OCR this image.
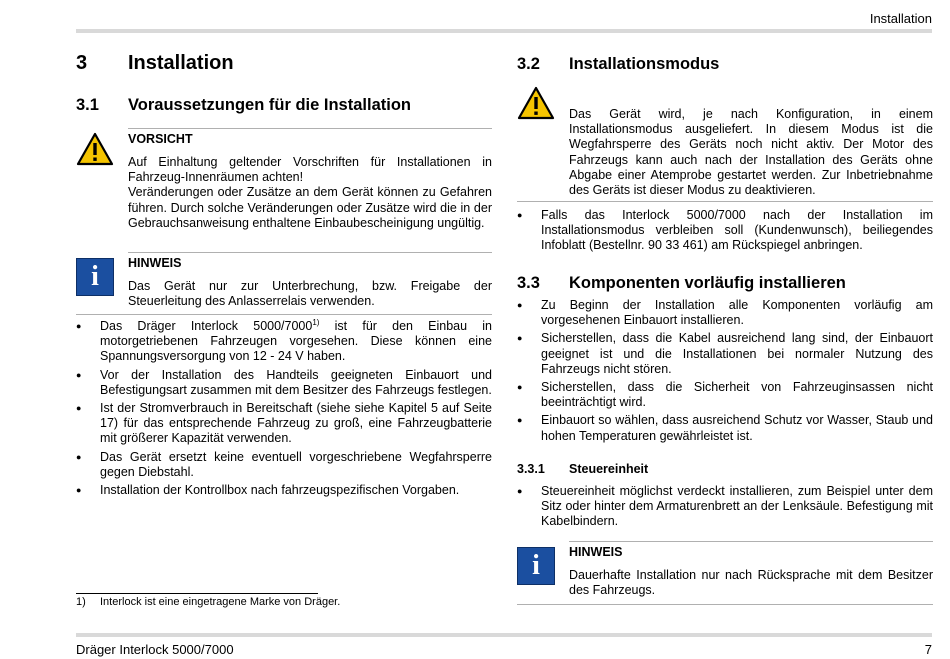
Installation
Dräger Interlock 5000/7000	7
3 Installation
3.1 Voraussetzungen für die Installation
VORSICHT

Auf Einhaltung geltender Vorschriften für Installationen in Fahrzeug-Innenräumen achten!

Veränderungen oder Zusätze an dem Gerät können zu Gefahren führen. Durch solche Veränderungen oder Zusätze wird die in der Gebrauchsanweisung enthaltene Einbaubescheinigung ungültig.

i	HINWEIS

Das Gerät nur zur Unterbrechung, bzw. Freigabe der Steuerleitung des Anlasserrelais verwenden.

● Das Dräger Interlock 5000/7000$^{1)}$ ist für den Einbau in motorgetriebenen Fahrzeugen vorgesehen. Diese können eine Spannungsversorgung von 12 - 24 V haben.
● Vor der Installation des Handteils geeigneten Einbauort und Befestigungsart zusammen mit dem Besitzer des Fahrzeugs festlegen.
● Ist der Stromverbrauch in Bereitschaft (siehe siehe Kapitel 5 auf Seite 17) für das entsprechende Fahrzeug zu groß, eine Fahrzeugbatterie mit größerer Kapazität verwenden.
● Das Gerät ersetzt keine eventuell vorgeschriebene Wegfahrsperre gegen Diebstahl.
● Installation der Kontrollbox nach fahrzeugspezifischen Vorgaben.
1) Interlock ist eine eingetragene Marke von Dräger.
3.2 Installationsmodus

Das Gerät wird, je nach Konfiguration, in einem Installationsmodus ausgeliefert. In diesem Modus ist die Wegfahrsperre des Geräts noch nicht aktiv. Der Motor des Fahrzeugs kann auch nach der Installation des Geräts ohne Abgabe einer Atemprobe gestartet werden. Zur Inbetriebnahme des Geräts ist dieser Modus zu deaktivieren.

● Falls das Interlock 5000/7000 nach der Installation im Installationsmodus verbleiben soll (Kundenwunsch), beiliegendes Infoblatt (Bestellnr. 90 33 461) am Rückspiegel anbringen.
3.3 Komponenten vorläufig installieren
● Zu Beginn der Installation alle Komponenten vorläufig am vorgesehenen Einbauort installieren.
● Sicherstellen, dass die Kabel ausreichend lang sind, der Einbauort geeignet ist und die Installationen bei normaler Nutzung des Fahrzeugs nicht stören.
● Sicherstellen, dass die Sicherheit von Fahrzeuginsassen nicht beeinträchtigt wird.
● Einbauort so wählen, dass ausreichend Schutz vor Wasser, Staub und hohen Temperaturen gewährleistet ist.
3.3.1 Steuereinheit
● Steuereinheit möglichst verdeckt installieren, zum Beispiel unter dem Sitz oder hinter dem Armaturenbrett an der Lenksäule. Befestigung mit Kabelbindern.
i	HINWEIS

Dauerhafte Installation nur nach Rücksprache mit dem Besitzer des Fahrzeugs.
